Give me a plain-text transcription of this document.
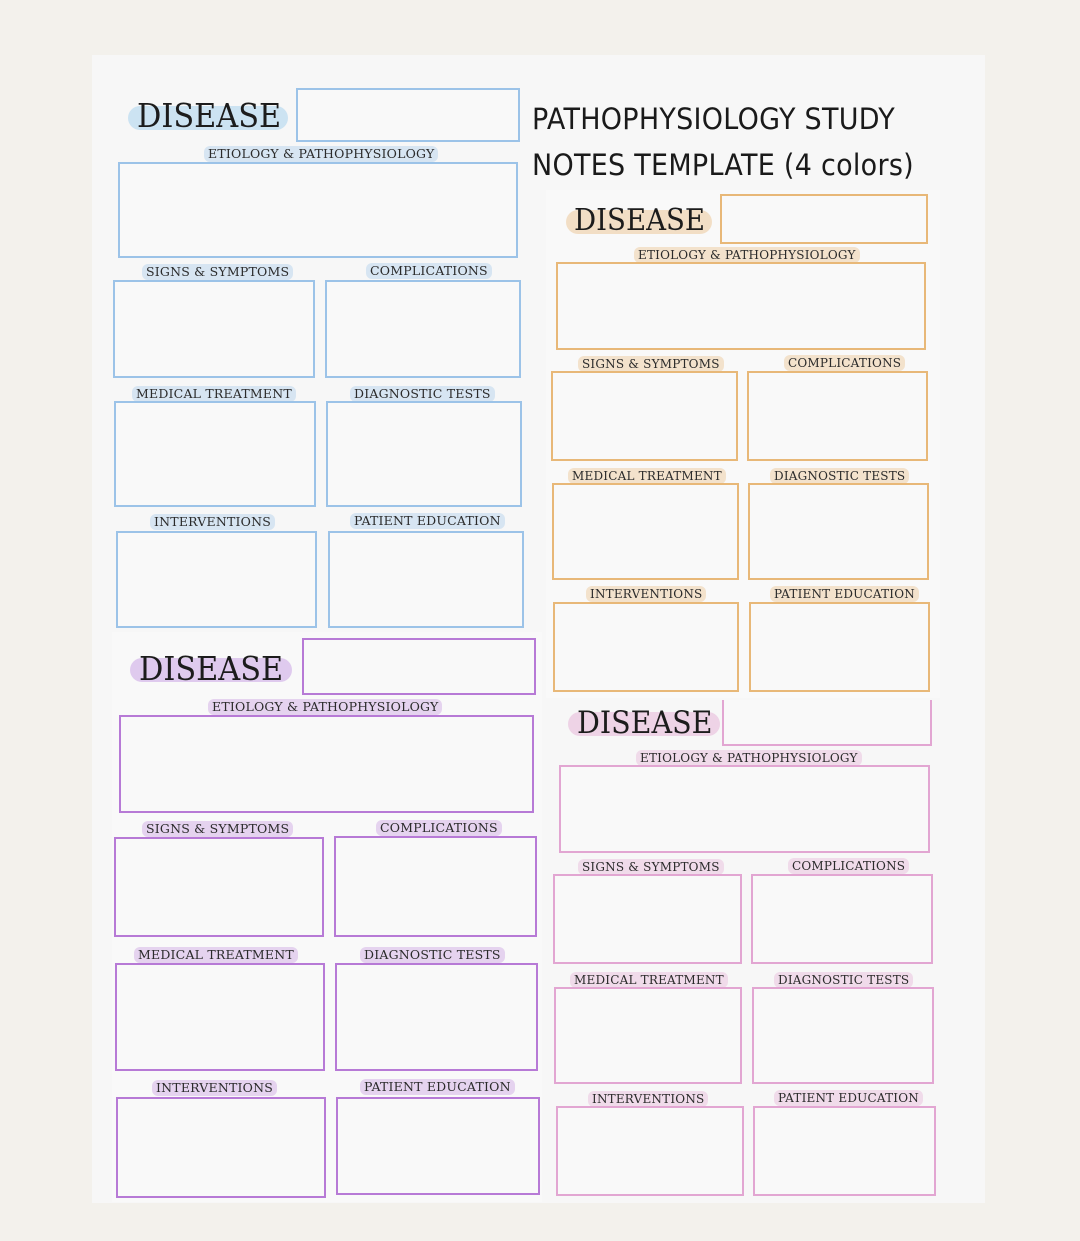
PATHOPHYSIOLOGY STUDY
NOTES TEMPLATE (4 colors)
DISEASE
ETIOLOGY & PATHOPHYSIOLOGY
SIGNS & SYMPTOMS	COMPLICATIONS
MEDICAL TREATMENT	DIAGNOSTIC TESTS
INTERVENTIONS	PATIENT EDUCATION
DISEASE
ETIOLOGY & PATHOPHYSIOLOGY
SIGNS & SYMPTOMS	COMPLICATIONS
MEDICAL TREATMENT	DIAGNOSTIC TESTS
INTERVENTIONS	PATIENT EDUCATION
DISEASE
ETIOLOGY & PATHOPHYSIOLOGY
SIGNS & SYMPTOMS	COMPLICATIONS
MEDICAL TREATMENT	DIAGNOSTIC TESTS
INTERVENTIONS	PATIENT EDUCATION
DISEASE
ETIOLOGY & PATHOPHYSIOLOGY
SIGNS & SYMPTOMS	COMPLICATIONS
MEDICAL TREATMENT	DIAGNOSTIC TESTS
INTERVENTIONS	PATIENT EDUCATION
